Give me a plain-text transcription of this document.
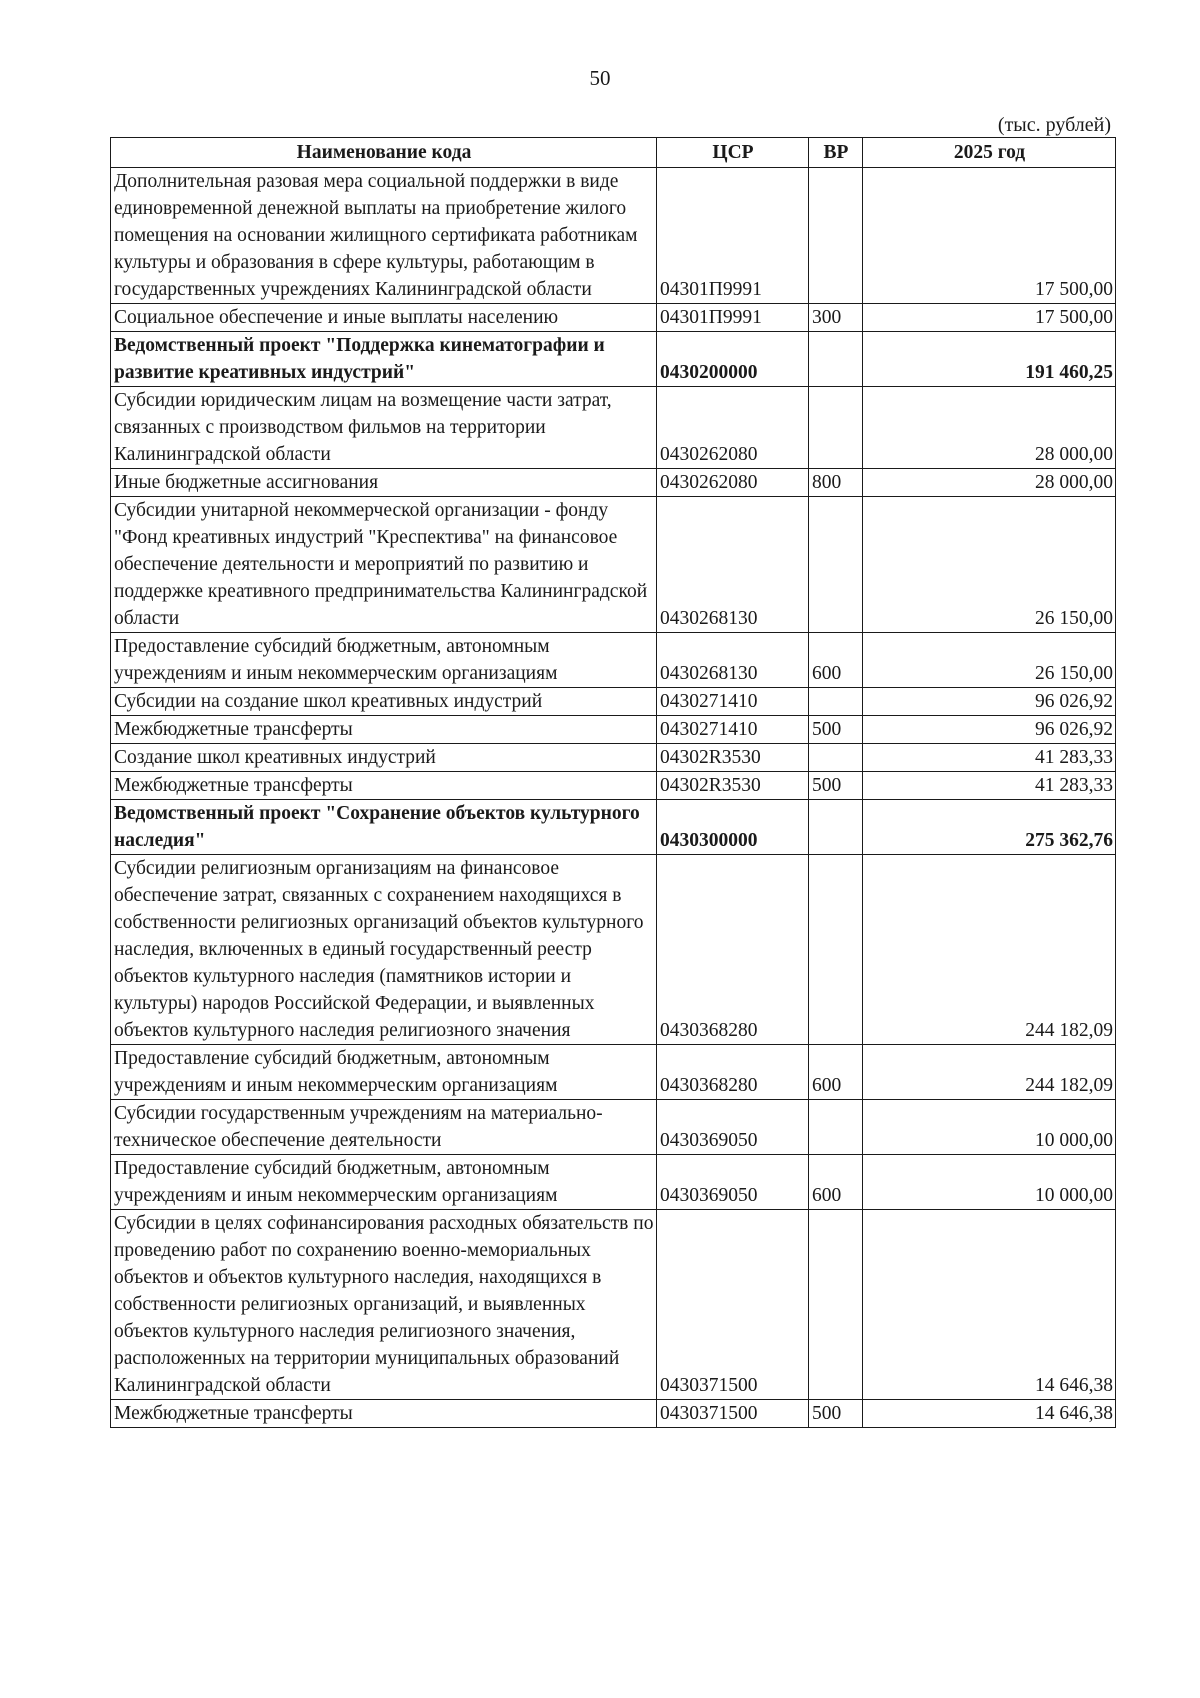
50
(тыс. рублей)
Наименование кода	ЦСР	ВР	2025 год
Дополнительная разовая мера социальной поддержки в виде единовременной денежной выплаты на приобретение жилого помещения на основании жилищного сертификата работникам культуры и образования в сфере культуры, работающим в государственных учреждениях Калининградской области	04301П9991		17 500,00
Социальное обеспечение и иные выплаты населению	04301П9991	300	17 500,00
Ведомственный проект "Поддержка кинематографии и развитие креативных индустрий"	0430200000		191 460,25
Субсидии юридическим лицам на возмещение части затрат, связанных с производством фильмов на территории Калининградской области	0430262080		28 000,00
Иные бюджетные ассигнования	0430262080	800	28 000,00
Субсидии унитарной некоммерческой организации - фонду "Фонд креативных индустрий "Креспектива" на финансовое обеспечение деятельности и мероприятий по развитию и поддержке креативного предпринимательства Калининградской области	0430268130		26 150,00
Предоставление субсидий бюджетным, автономным учреждениям и иным некоммерческим организациям	0430268130	600	26 150,00
Субсидии на создание школ креативных индустрий	0430271410		96 026,92
Межбюджетные трансферты	0430271410	500	96 026,92
Создание школ креативных индустрий	04302R3530		41 283,33
Межбюджетные трансферты	04302R3530	500	41 283,33
Ведомственный проект "Сохранение объектов культурного наследия"	0430300000		275 362,76
Субсидии религиозным организациям на финансовое обеспечение затрат, связанных с сохранением находящихся в собственности религиозных организаций объектов культурного наследия, включенных в единый государственный реестр объектов культурного наследия (памятников истории и культуры) народов Российской Федерации, и выявленных объектов культурного наследия религиозного значения	0430368280		244 182,09
Предоставление субсидий бюджетным, автономным учреждениям и иным некоммерческим организациям	0430368280	600	244 182,09
Субсидии государственным учреждениям на материально-техническое обеспечение деятельности	0430369050		10 000,00
Предоставление субсидий бюджетным, автономным учреждениям и иным некоммерческим организациям	0430369050	600	10 000,00
Субсидии в целях софинансирования расходных обязательств по проведению работ по сохранению военно-мемориальных объектов и объектов культурного наследия, находящихся в собственности религиозных организаций, и выявленных объектов культурного наследия религиозного значения, расположенных на территории муниципальных образований Калининградской области	0430371500		14 646,38
Межбюджетные трансферты	0430371500	500	14 646,38
